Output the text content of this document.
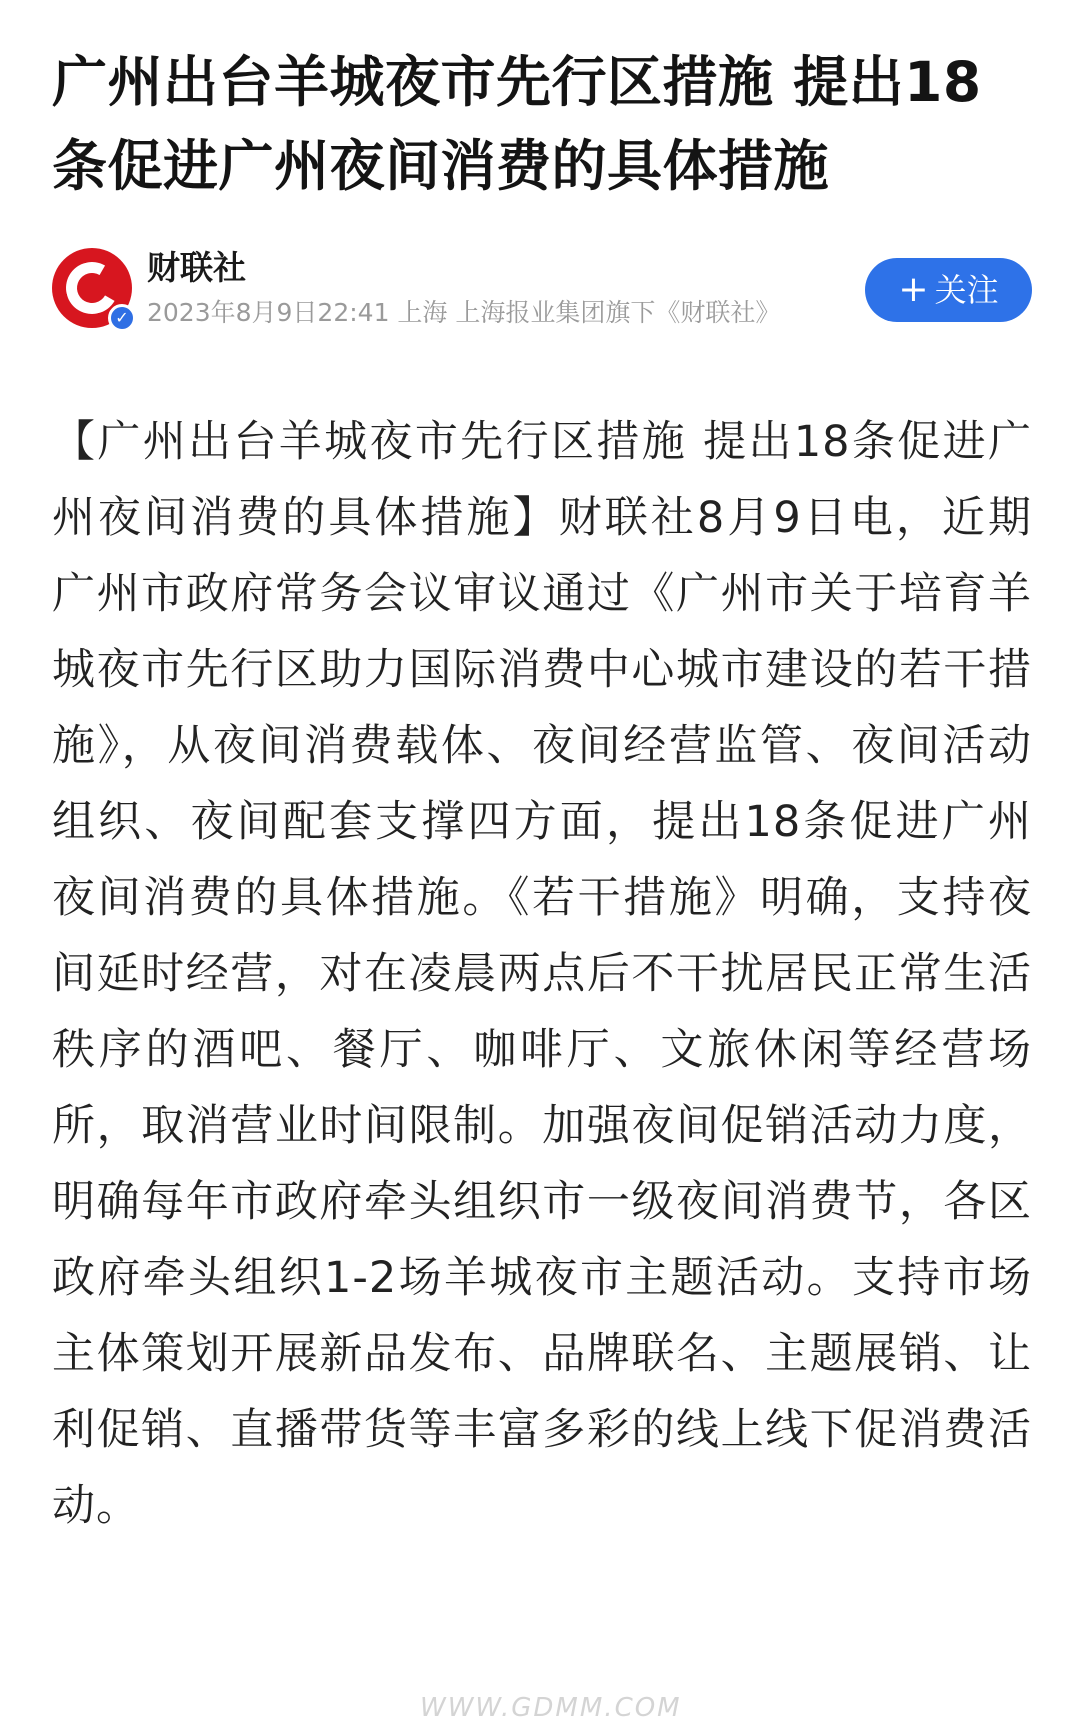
广州出台羊城夜市先行区措施 提出18条促进广州夜间消费的具体措施
✓
财联社
2023年8月9日22:41 上海 上海报业集团旗下《财联社》
+ 关注

【广州出台羊城夜市先行区措施 提出18条促进广州夜间消费的具体措施】财联社8月9日电，近期广州市政府常务会议审议通过《广州市关于培育羊城夜市先行区助力国际消费中心城市建设的若干措施》，从夜间消费载体、夜间经营监管、夜间活动组织、夜间配套支撑四方面，提出18条促进广州夜间消费的具体措施。《若干措施》明确，支持夜间延时经营，对在凌晨两点后不干扰居民正常生活秩序的酒吧、餐厅、咖啡厅、文旅休闲等经营场所，取消营业时间限制。加强夜间促销活动力度，明确每年市政府牵头组织市一级夜间消费节，各区政府牵头组织1-2场羊城夜市主题活动。支持市场主体策划开展新品发布、品牌联名、主题展销、让利促销、直播带货等丰富多彩的线上线下促消费活动。

WWW.GDMM.COM
